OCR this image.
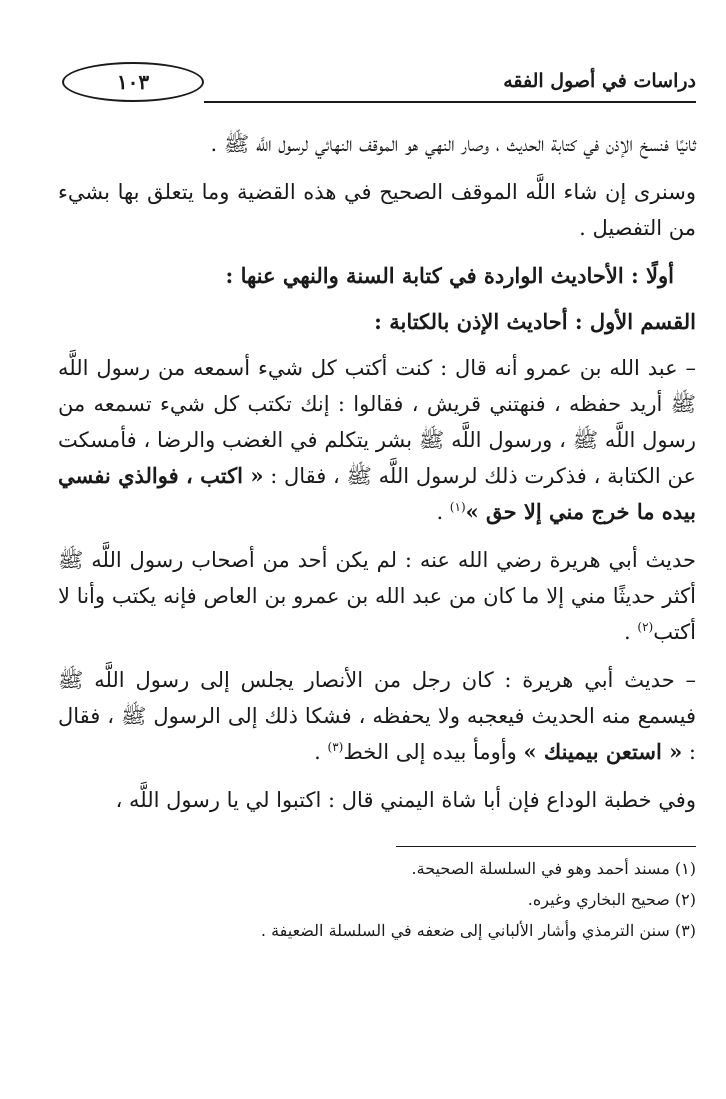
دراسات في أصول الفقه
١٠٣

ثانيًا فنسخ الإذن في كتابة الحديث ، وصار النهي هو الموقف النهائي لرسول اللَّه ﷺ .

وسنرى إن شاء اللَّه الموقف الصحيح في هذه القضية وما يتعلق بها بشيء من التفصيل .

أولًا : الأحاديث الواردة في كتابة السنة والنهي عنها :
القسم الأول : أحاديث الإذن بالكتابة :

– عبد الله بن عمرو أنه قال : كنت أكتب كل شيء أسمعه من رسول اللَّه ﷺ أريد حفظه ، فنهتني قريش ، فقالوا : إنك تكتب كل شيء تسمعه من رسول اللَّه ﷺ ، ورسول اللَّه ﷺ بشر يتكلم في الغضب والرضا ، فأمسكت عن الكتابة ، فذكرت ذلك لرسول اللَّه ﷺ ، فقال : « اكتب ، فوالذي نفسي بيده ما خرج مني إلا حق »$^{(١)}$ .

حديث أبي هريرة رضي الله عنه : لم يكن أحد من أصحاب رسول اللَّه ﷺ أكثر حديثًا مني إلا ما كان من عبد الله بن عمرو بن العاص فإنه يكتب وأنا لا أكتب$^{(٢)}$ .

– حديث أبي هريرة : كان رجل من الأنصار يجلس إلى رسول اللَّه ﷺ فيسمع منه الحديث فيعجبه ولا يحفظه ، فشكا ذلك إلى الرسول ﷺ ، فقال : « استعن بيمينك » وأومأ بيده إلى الخط$^{(٣)}$ .

وفي خطبة الوداع فإن أبا شاة اليمني قال : اكتبوا لي يا رسول اللَّه ،

(١) مسند أحمد وهو في السلسلة الصحيحة.

(٢) صحيح البخاري وغيره.

(٣) سنن الترمذي وأشار الألباني إلى ضعفه في السلسلة الضعيفة .
